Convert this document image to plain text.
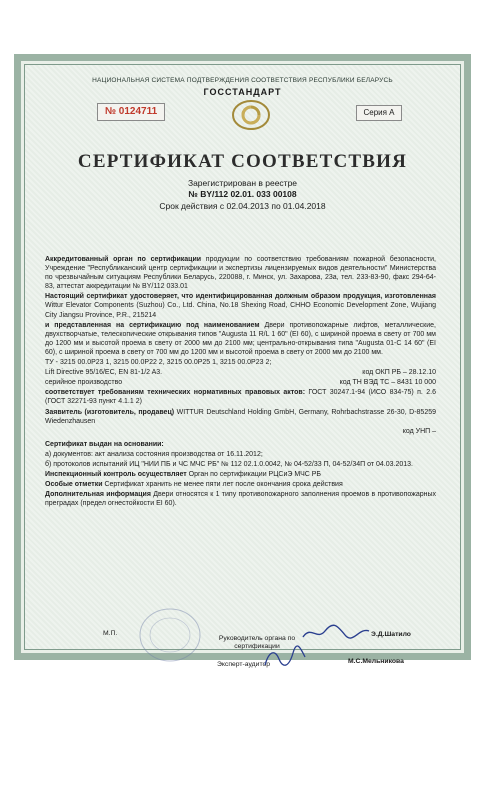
НАЦИОНАЛЬНАЯ СИСТЕМА ПОДТВЕРЖДЕНИЯ СООТВЕТСТВИЯ РЕСПУБЛИКИ БЕЛАРУСЬ
ГОССТАНДАРТ
№ 0124711	Серия А
СЕРТИФИКАТ СООТВЕТСТВИЯ
Зарегистрирован в реестре
№ BY/112 02.01. 033 00108
Срок действия с 02.04.2013 по 01.04.2018

Аккредитованный орган по сертификации продукции по соответствию требованиям пожарной безопасности, Учреждение "Республиканский центр сертификации и экспертизы лицензируемых видов деятельности" Министерства по чрезвычайным ситуациям Республики Беларусь, 220088, г. Минск, ул. Захарова, 23а, тел. 233-83-90, факс 294-64-83, аттестат аккредитации № BY/112 033.01

Настоящий сертификат удостоверяет, что идентифицированная должным образом продукция, изготовленная Wittur Elevator Components (Suzhou) Co., Ltd. China, No.18 Shexing Road, CHHO Economic Development Zone, Wujiang City Jiangsu Province, P.R., 215214

и представленная на сертификацию под наименованием Двери противопожарные лифтов, металлические, двухстворчатые, телескопические открывания типов "Augusta 11 R/L 1 60" (EI 60), с шириной проема в свету от 700 мм до 1200 мм и высотой проема в свету от 2000 мм до 2100 мм; центрально-открывания типа "Augusta 01-C 14 60" (EI 60), с шириной проема в свету от 700 мм до 1200 мм и высотой проема в свету от 2000 мм до 2100 мм.

ТУ - 3215 00.0Р23 1, 3215 00.0Р22 2, 3215 00.0Р25 1, 3215 00.0Р23 2;

Lift Directive 95/16/EC, EN 81-1/2 A3.	код ОКП РБ – 28.12.10

серийное производство	код ТН ВЭД ТС – 8431 10 000

соответствует требованиям технических нормативных правовых актов: ГОСТ 30247.1-94 (ИСО 834-75) п. 2.6 (ГОСТ 32271-93 пункт 4.1.1 2)

Заявитель (изготовитель, продавец) WITTUR Deutschland Holding GmbH, Germany, Rohrbachstrasse 26-30, D-85259 Wiedenzhausen

код УНП –

Сертификат выдан на основании:

а) документов: акт анализа состояния производства от 16.11.2012;

б) протоколов испытаний ИЦ "НИИ ПБ и ЧС МЧС РБ" № 112 02.1.0.0042, № 04-52/33 П, 04-52/34П от 04.03.2013.

Инспекционный контроль осуществляет Орган по сертификации РЦСиЭ МЧС РБ

Особые отметки Сертификат хранить не менее пяти лет после окончания срока действия

Дополнительная информация Двери относятся к 1 типу противопожарного заполнения проемов в противопожарных преградах (предел огнестойкости EI 60).

М.П.
Руководитель органа по сертификации
Э.Д.Шатило
Эксперт-аудитор	М.С.Мельникова
